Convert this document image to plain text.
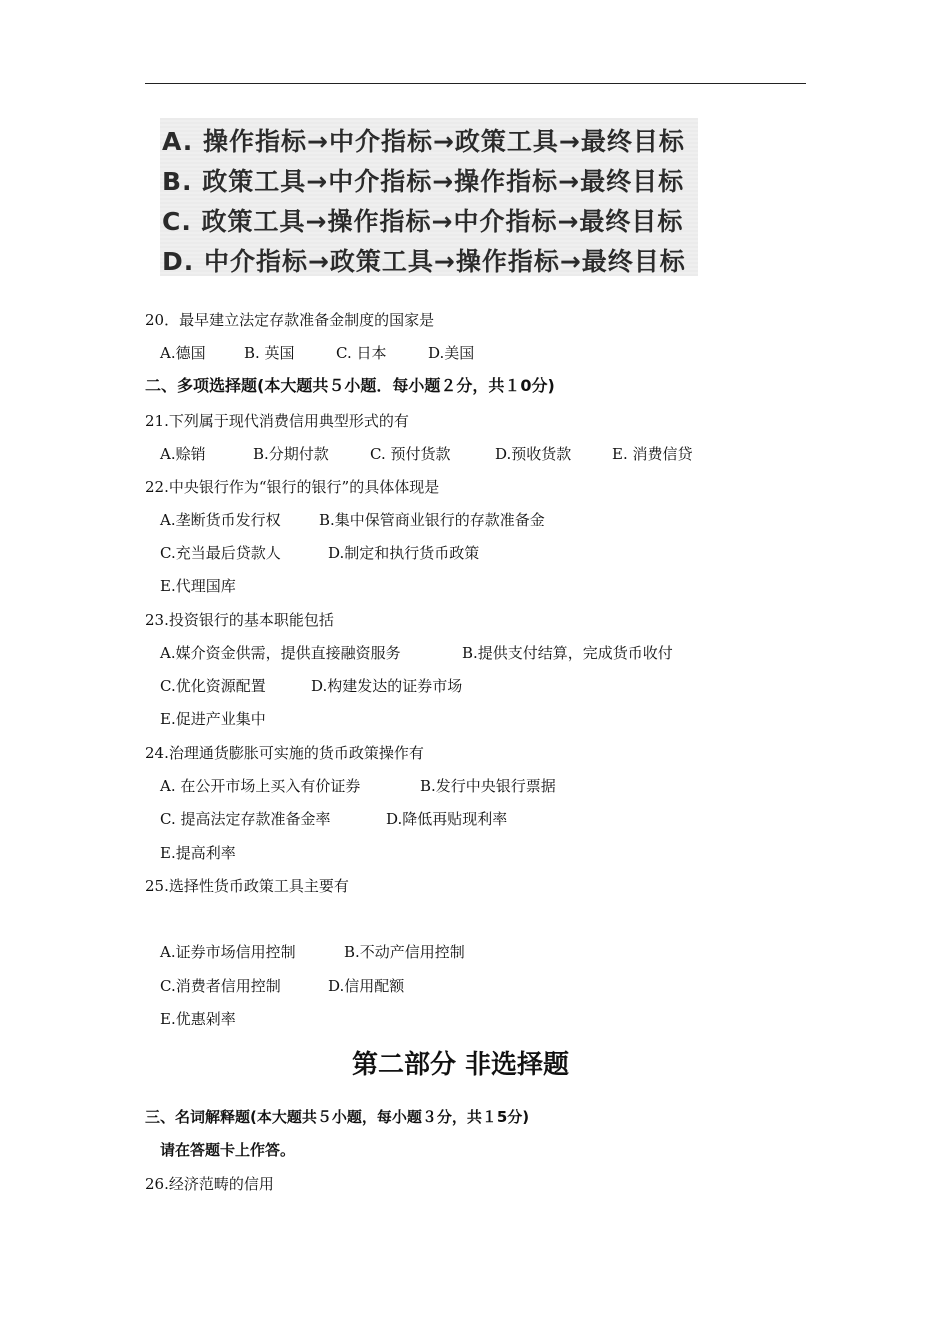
A. 操作指标→中介指标→政策工具→最终目标
B. 政策工具→中介指标→操作指标→最终目标
C. 政策工具→操作指标→中介指标→最终目标
D. 中介指标→政策工具→操作指标→最终目标
20．最早建立法定存款准备金制度的国家是
A.德国	B. 英国	C. 日本	D.美国
二、多项选择题(本大题共５小题．每小题２分，共１0分)
21.下列属于现代消费信用典型形式的有
A.赊销	B.分期付款	C. 预付货款	D.预收货款	E. 消费信贷
22.中央银行作为“银行的银行”的具体体现是
A.垄断货币发行权	B.集中保管商业银行的存款准备金
C.充当最后贷款人	D.制定和执行货币政策
E.代理国库
23.投资银行的基本职能包括
A.媒介资金供需，提供直接融资服务	B.提供支付结算，完成货币收付
C.优化资源配置	D.构建发达的证券市场
E.促进产业集中
24.治理通货膨胀可实施的货币政策操作有
A. 在公开市场上买入有价证券	B.发行中央银行票据
C. 提高法定存款准备金率	D.降低再贴现利率
E.提高利率
25.选择性货币政策工具主要有
A.证券市场信用控制	B.不动产信用控制
C.消费者信用控制	D.信用配额
E.优惠剁率
第二部分 非选择题
三、名词解释题(本大题共５小题，每小题３分，共１5分)
请在答题卡上作答。
26.经济范畴的信用
